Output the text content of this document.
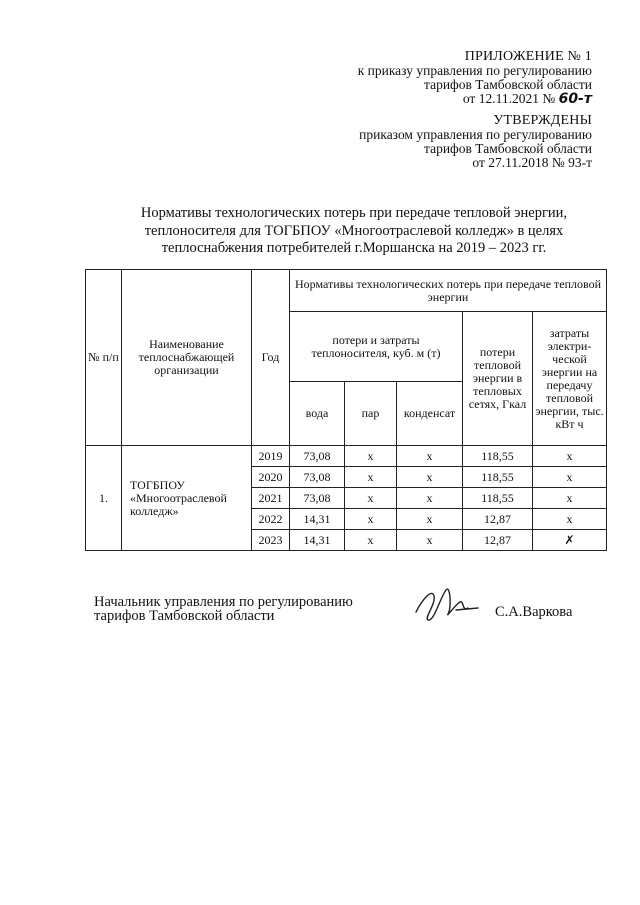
ПРИЛОЖЕНИЕ № 1
к приказу управления по регулированию
тарифов Тамбовской области
от 12.11.2021 № 60-т
УТВЕРЖДЕНЫ
приказом управления по регулированию
тарифов Тамбовской области
от 27.11.2018 № 93-т
Нормативы технологических потерь при передаче тепловой энергии,
теплоносителя для ТОГБПОУ «Многоотраслевой колледж» в целях
теплоснабжения потребителей г.Моршанска на 2019 – 2023 гг.
№ п/п	Наименование теплоснабжающей организации	Год	Нормативы технологических потерь при передаче тепловой энергии				
			потери и затраты теплоносителя, куб. м (т)			потери тепловой энергии в тепловых сетях, Гкал	затраты электри-ческой энергии на передачу тепловой энергии, тыс. кВт ч
			вода	пар	конденсат		
1.	ТОГБПОУ «Многоотраслевой колледж»	2019	73,08	х	х	118,55	х
		2020	73,08	х	х	118,55	х
		2021	73,08	х	х	118,55	х
		2022	14,31	х	х	12,87	х
		2023	14,31	х	х	12,87	✗
Начальник управления по регулированию
тарифов Тамбовской области	С.А.Варкова
